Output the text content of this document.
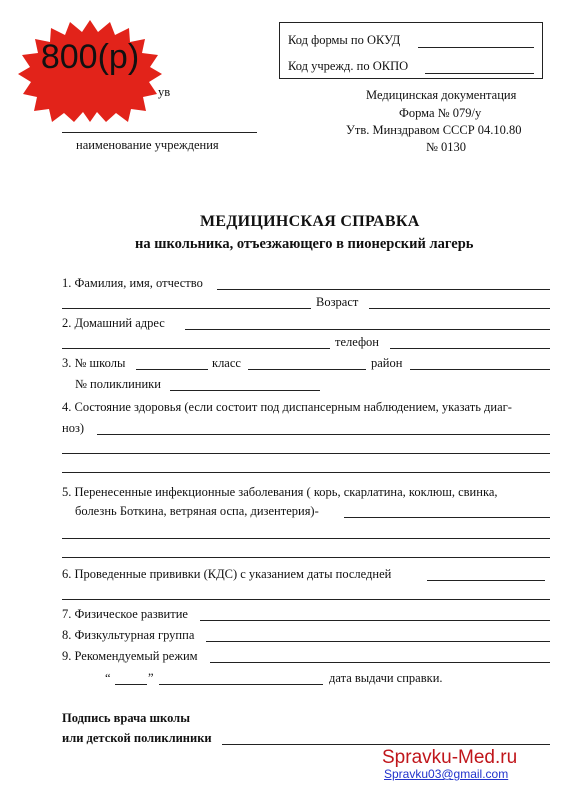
800(р)	Код формы по ОКУД
Код учрежд. по ОКПО
ув
наименование учреждения
Медицинская документация
Форма № 079/у
Утв. Минздравом СССР 04.10.80
№ 0130
МЕДИЦИНСКАЯ СПРАВКА
на школьника, отъезжающего в пионерский лагерь
1. Фамилия, имя, отчество
Возраст
2. Домашний адрес
телефон
3. № школы	класс	район
№ поликлиники
4. Состояние здоровья (если состоит под диспансерным наблюдением, указать диаг-
ноз)
5. Перенесенные инфекционные заболевания ( корь, скарлатина, коклюш, свинка,
болезнь Боткина, ветряная оспа, дизентерия)-
6. Проведенные прививки (КДС) с указанием даты последней
7. Физическое развитие
8. Физкультурная группа
9. Рекомендуемый режим
“	”	дата выдачи справки.
Подпись врача школы
или детской поликлиники
Spravku-Med.ru
Spravku03@gmail.com
